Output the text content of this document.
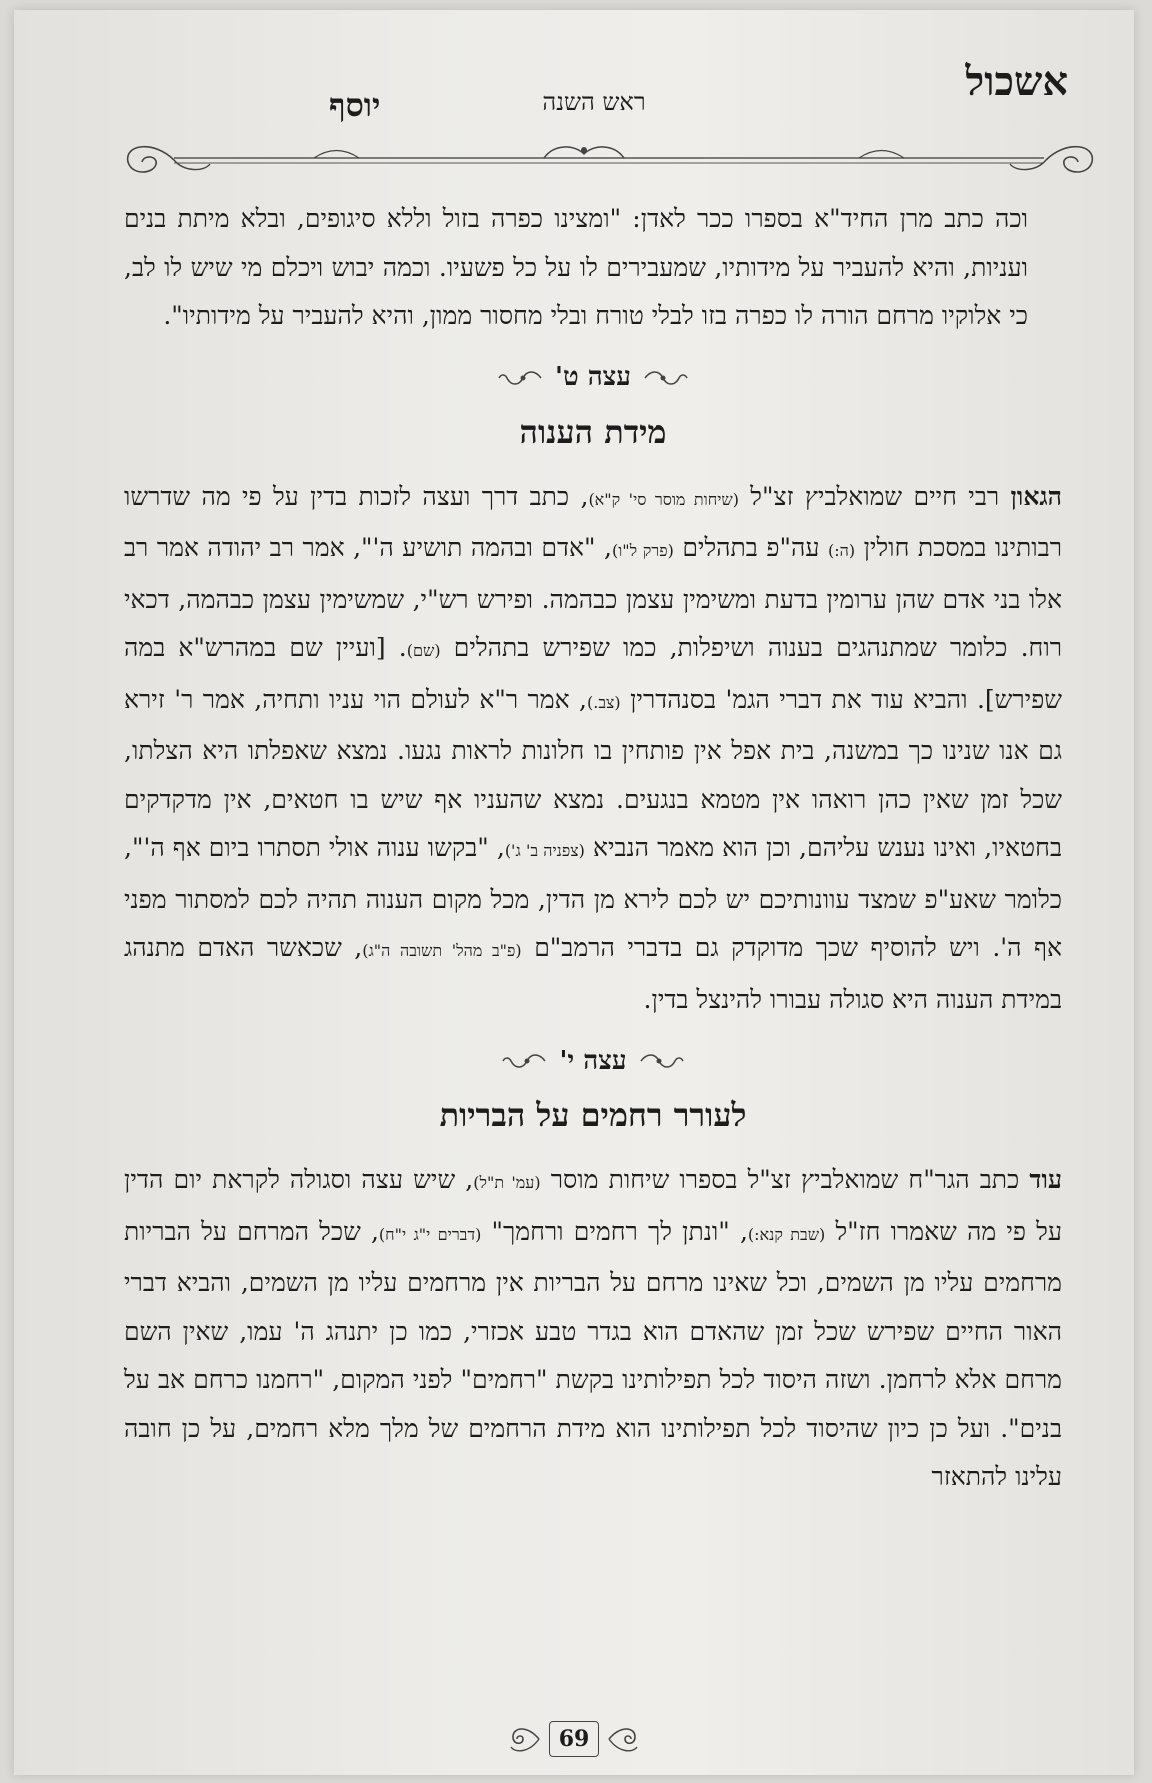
אשכול
ראש השנה
יוסף

וכה כתב מרן החיד"א בספרו ככר לאדן: "ומצינו כפרה בזול וללא סיגופים, ובלא מיתת בנים ועניות, והיא להעביר על מידותיו, שמעבירים לו על כל פשעיו. וכמה יבוש ויכלם מי שיש לו לב, כי אלוקיו מרחם הורה לו כפרה בזו לבלי טורח ובלי מחסור ממון, והיא להעביר על מידותיו".

עצה ט'
מידת הענוה

הגאון רבי חיים שמואלביץ זצ"ל (שיחות מוסר סי' ק"א), כתב דרך ועצה לזכות בדין על פי מה שדרשו רבותינו במסכת חולין (ה:) עה"פ בתהלים (פרק ל"ו), "אדם ובהמה תושיע ה'", אמר רב יהודה אמר רב אלו בני אדם שהן ערומין בדעת ומשימין עצמן כבהמה. ופירש רש"י, שמשימין עצמן כבהמה, דכאי רוח. כלומר שמתנהגים בענוה ושיפלות, כמו שפירש בתהלים (שם). [ועיין שם במהרש"א במה שפירש]. והביא עוד את דברי הגמ' בסנהדרין (צב.), אמר ר"א לעולם הוי עניו ותחיה, אמר ר' זירא גם אנו שנינו כך במשנה, בית אפל אין פותחין בו חלונות לראות נגעו. נמצא שאפלתו היא הצלתו, שכל זמן שאין כהן רואהו אין מטמא בנגעים. נמצא שהעניו אף שיש בו חטאים, אין מדקדקים בחטאיו, ואינו נענש עליהם, וכן הוא מאמר הנביא (צפניה ב' ג'), "בקשו ענוה אולי תסתרו ביום אף ה'", כלומר שאע"פ שמצד עוונותיכם יש לכם לירא מן הדין, מכל מקום הענוה תהיה לכם למסתור מפני אף ה'. ויש להוסיף שכך מדוקדק גם בדברי הרמב"ם (פ"ב מהל' תשובה ה"ג), שכאשר האדם מתנהג במידת הענוה היא סגולה עבורו להינצל בדין.

עצה י'
לעורר רחמים על הבריות

עוד כתב הגר"ח שמואלביץ זצ"ל בספרו שיחות מוסר (עמ' ת"ל), שיש עצה וסגולה לקראת יום הדין על פי מה שאמרו חז"ל (שבת קנא:), "ונתן לך רחמים ורחמך" (דברים י"ג י"ח), שכל המרחם על הבריות מרחמים עליו מן השמים, וכל שאינו מרחם על הבריות אין מרחמים עליו מן השמים, והביא דברי האור החיים שפירש שכל זמן שהאדם הוא בגדר טבע אכזרי, כמו כן יתנהג ה' עמו, שאין השם מרחם אלא לרחמן. ושזה היסוד לכל תפילותינו בקשת "רחמים" לפני המקום, "רחמנו כרחם אב על בנים". ועל כן כיון שהיסוד לכל תפילותינו הוא מידת הרחמים של מלך מלא רחמים, על כן חובה עלינו להתאזר

69
